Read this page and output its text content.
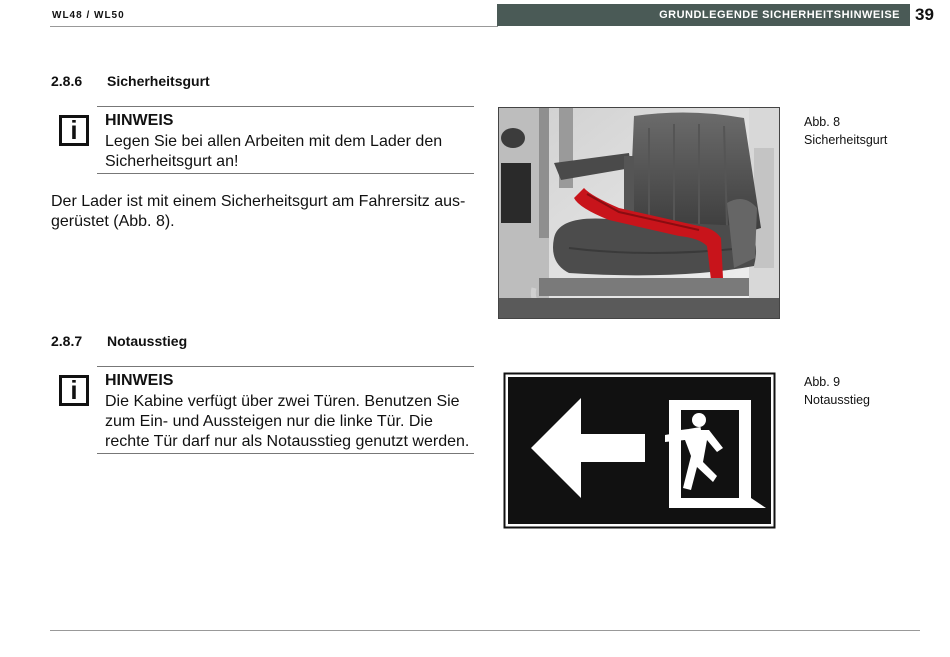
WL48 / WL50	GRUNDLEGENDE SICHERHEITSHINWEISE 39
2.8.6 Sicherheitsgurt
i	HINWEIS
Legen Sie bei allen Arbeiten mit dem Lader den
Sicherheitsgurt an!
Der Lader ist mit einem Sicherheitsgurt am Fahrersitz aus-
gerüstet (Abb. 8).
Abb. 8
Sicherheitsgurt
2.8.7 Notausstieg
i	HINWEIS
Die Kabine verfügt über zwei Türen. Benutzen Sie
zum Ein- und Aussteigen nur die linke Tür. Die
rechte Tür darf nur als Notausstieg genutzt werden.
Abb. 9
Notausstieg
